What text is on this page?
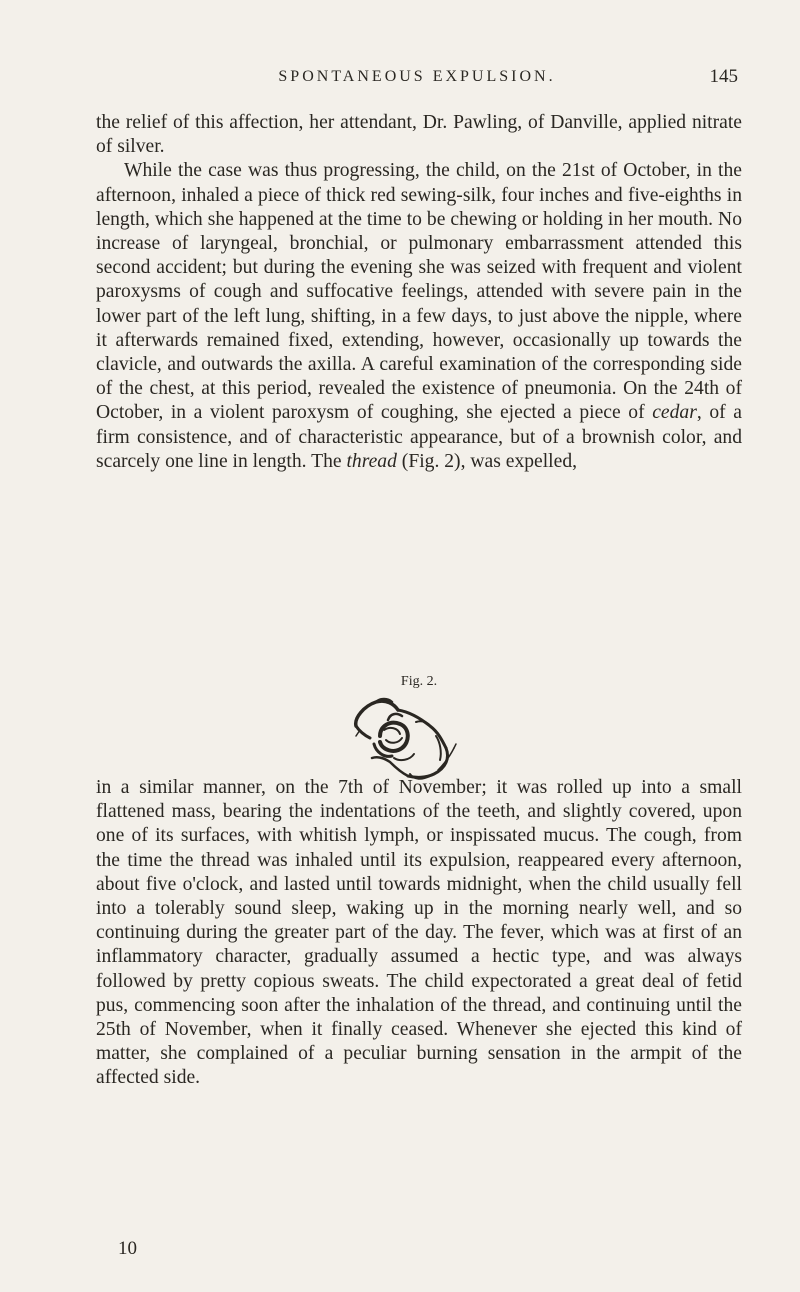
SPONTANEOUS EXPULSION.	145

the relief of this affection, her attendant, Dr. Pawling, of Danville, applied nitrate of silver.

While the case was thus progressing, the child, on the 21st of October, in the afternoon, inhaled a piece of thick red sewing-silk, four inches and five-eighths in length, which she happened at the time to be chewing or holding in her mouth. No increase of laryngeal, bronchial, or pulmonary embarrassment attended this second accident; but during the evening she was seized with frequent and violent paroxysms of cough and suffocative feelings, attended with severe pain in the lower part of the left lung, shifting, in a few days, to just above the nipple, where it afterwards remained fixed, extending, however, occasionally up towards the clavicle, and outwards the axilla. A careful examination of the corresponding side of the chest, at this period, revealed the existence of pneumonia. On the 24th of October, in a violent paroxysm of coughing, she ejected a piece of cedar, of a firm consistence, and of characteristic appearance, but of a brownish color, and scarcely one line in length. The thread (Fig. 2), was expelled,

Fig. 2.

in a similar manner, on the 7th of November; it was rolled up into a small flattened mass, bearing the indentations of the teeth, and slightly covered, upon one of its surfaces, with whitish lymph, or inspissated mucus. The cough, from the time the thread was inhaled until its expulsion, reappeared every afternoon, about five o'clock, and lasted until towards midnight, when the child usually fell into a tolerably sound sleep, waking up in the morning nearly well, and so continuing during the greater part of the day. The fever, which was at first of an inflammatory character, gradually assumed a hectic type, and was always followed by pretty copious sweats. The child expectorated a great deal of fetid pus, commencing soon after the inhalation of the thread, and continuing until the 25th of November, when it finally ceased. Whenever she ejected this kind of matter, she complained of a peculiar burning sensation in the armpit of the affected side.

10
